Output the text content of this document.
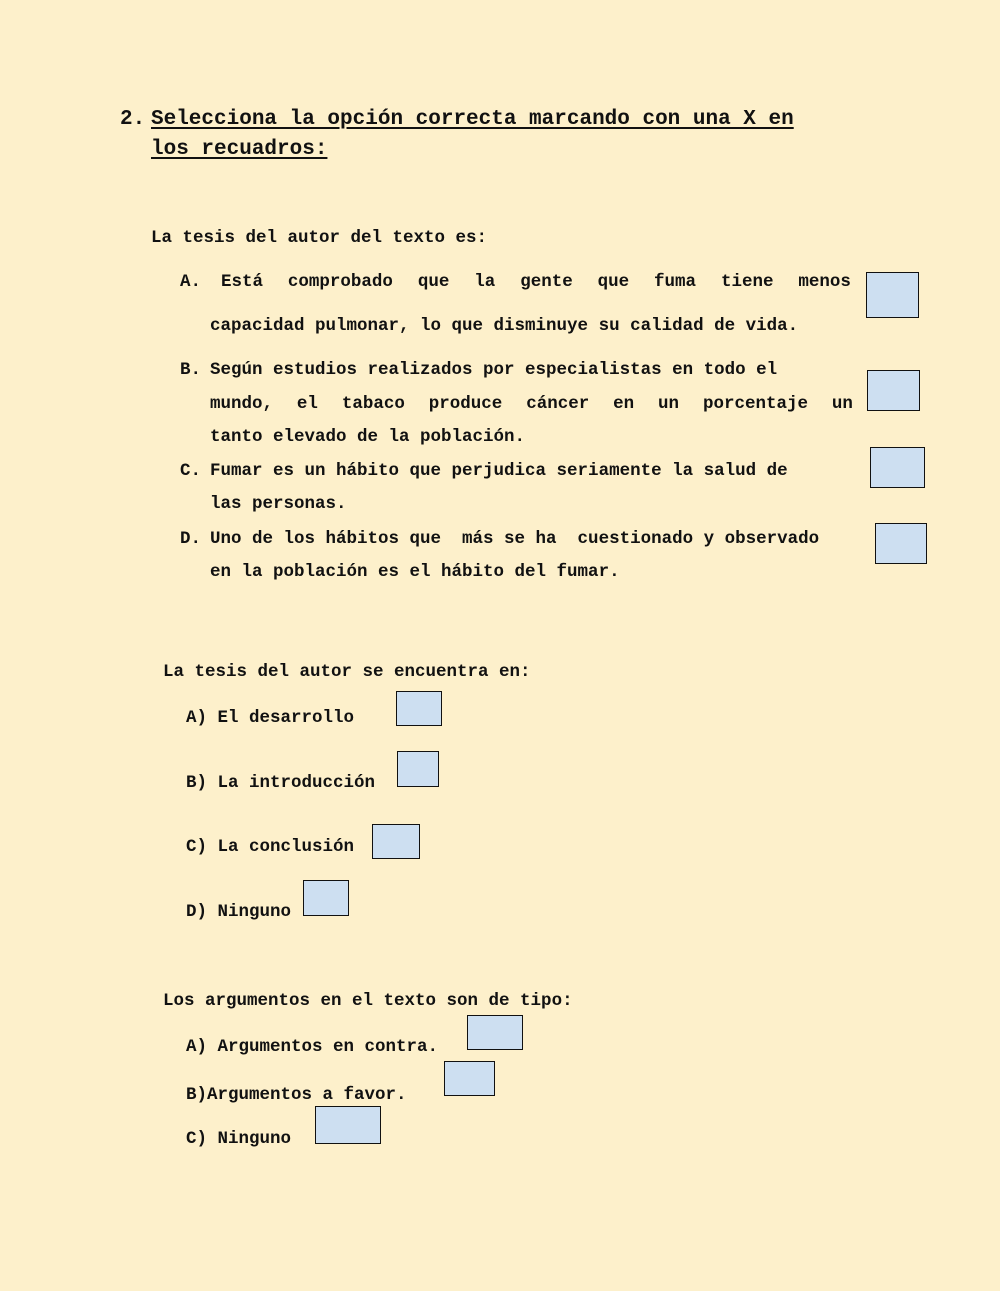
2. Selecciona la opción correcta marcando con una X en
los recuadros:
La tesis del autor del texto es:
A. Está comprobado que la gente que fuma tiene menos
capacidad pulmonar, lo que disminuye su calidad de vida.
B. Según estudios realizados por especialistas en todo el
mundo, el tabaco produce cáncer en un porcentaje un
tanto elevado de la población.
C. Fumar es un hábito que perjudica seriamente la salud de
las personas.
D. Uno de los hábitos que  más se ha  cuestionado y observado
en la población es el hábito del fumar.
La tesis del autor se encuentra en:
A) El desarrollo
B) La introducción
C) La conclusión
D) Ninguno
Los argumentos en el texto son de tipo:
A) Argumentos en contra.
B)Argumentos a favor.
C) Ninguno
